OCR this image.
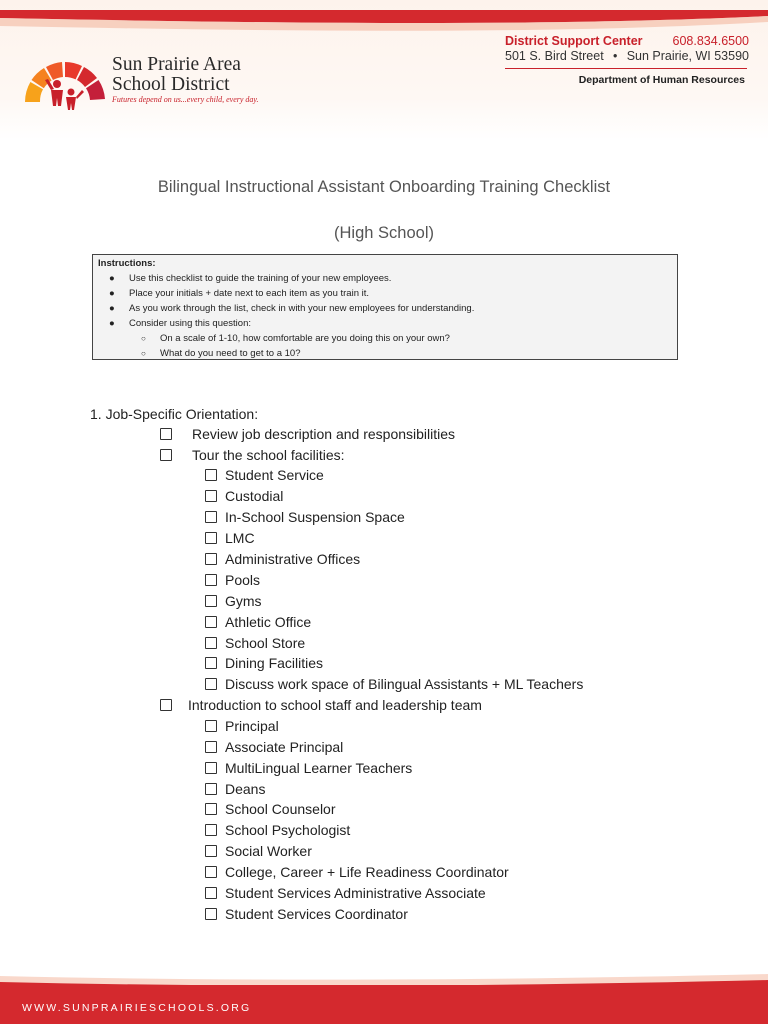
Sun Prairie Area
School District
Futures depend on us...every child, every day.
District Support Center 608.834.6500
501 S. Bird Street • Sun Prairie, WI 53590
Department of Human Resources
Bilingual Instructional Assistant Onboarding Training Checklist
(High School)
Instructions:
● Use this checklist to guide the training of your new employees.
● Place your initials + date next to each item as you train it.
● As you work through the list, check in with your new employees for understanding.
● Consider using this question:
○ On a scale of 1-10, how comfortable are you doing this on your own?
○ What do you need to get to a 10?
1. Job-Specific Orientation:
Review job description and responsibilities
Tour the school facilities:
Student Service
Custodial
In-School Suspension Space
LMC
Administrative Offices
Pools
Gyms
Athletic Office
School Store
Dining Facilities
Discuss work space of Bilingual Assistants + ML Teachers
Introduction to school staff and leadership team
Principal
Associate Principal
MultiLingual Learner Teachers
Deans
School Counselor
School Psychologist
Social Worker
College, Career + Life Readiness Coordinator
Student Services Administrative Associate
Student Services Coordinator
WWW.SUNPRAIRIESCHOOLS.ORG
